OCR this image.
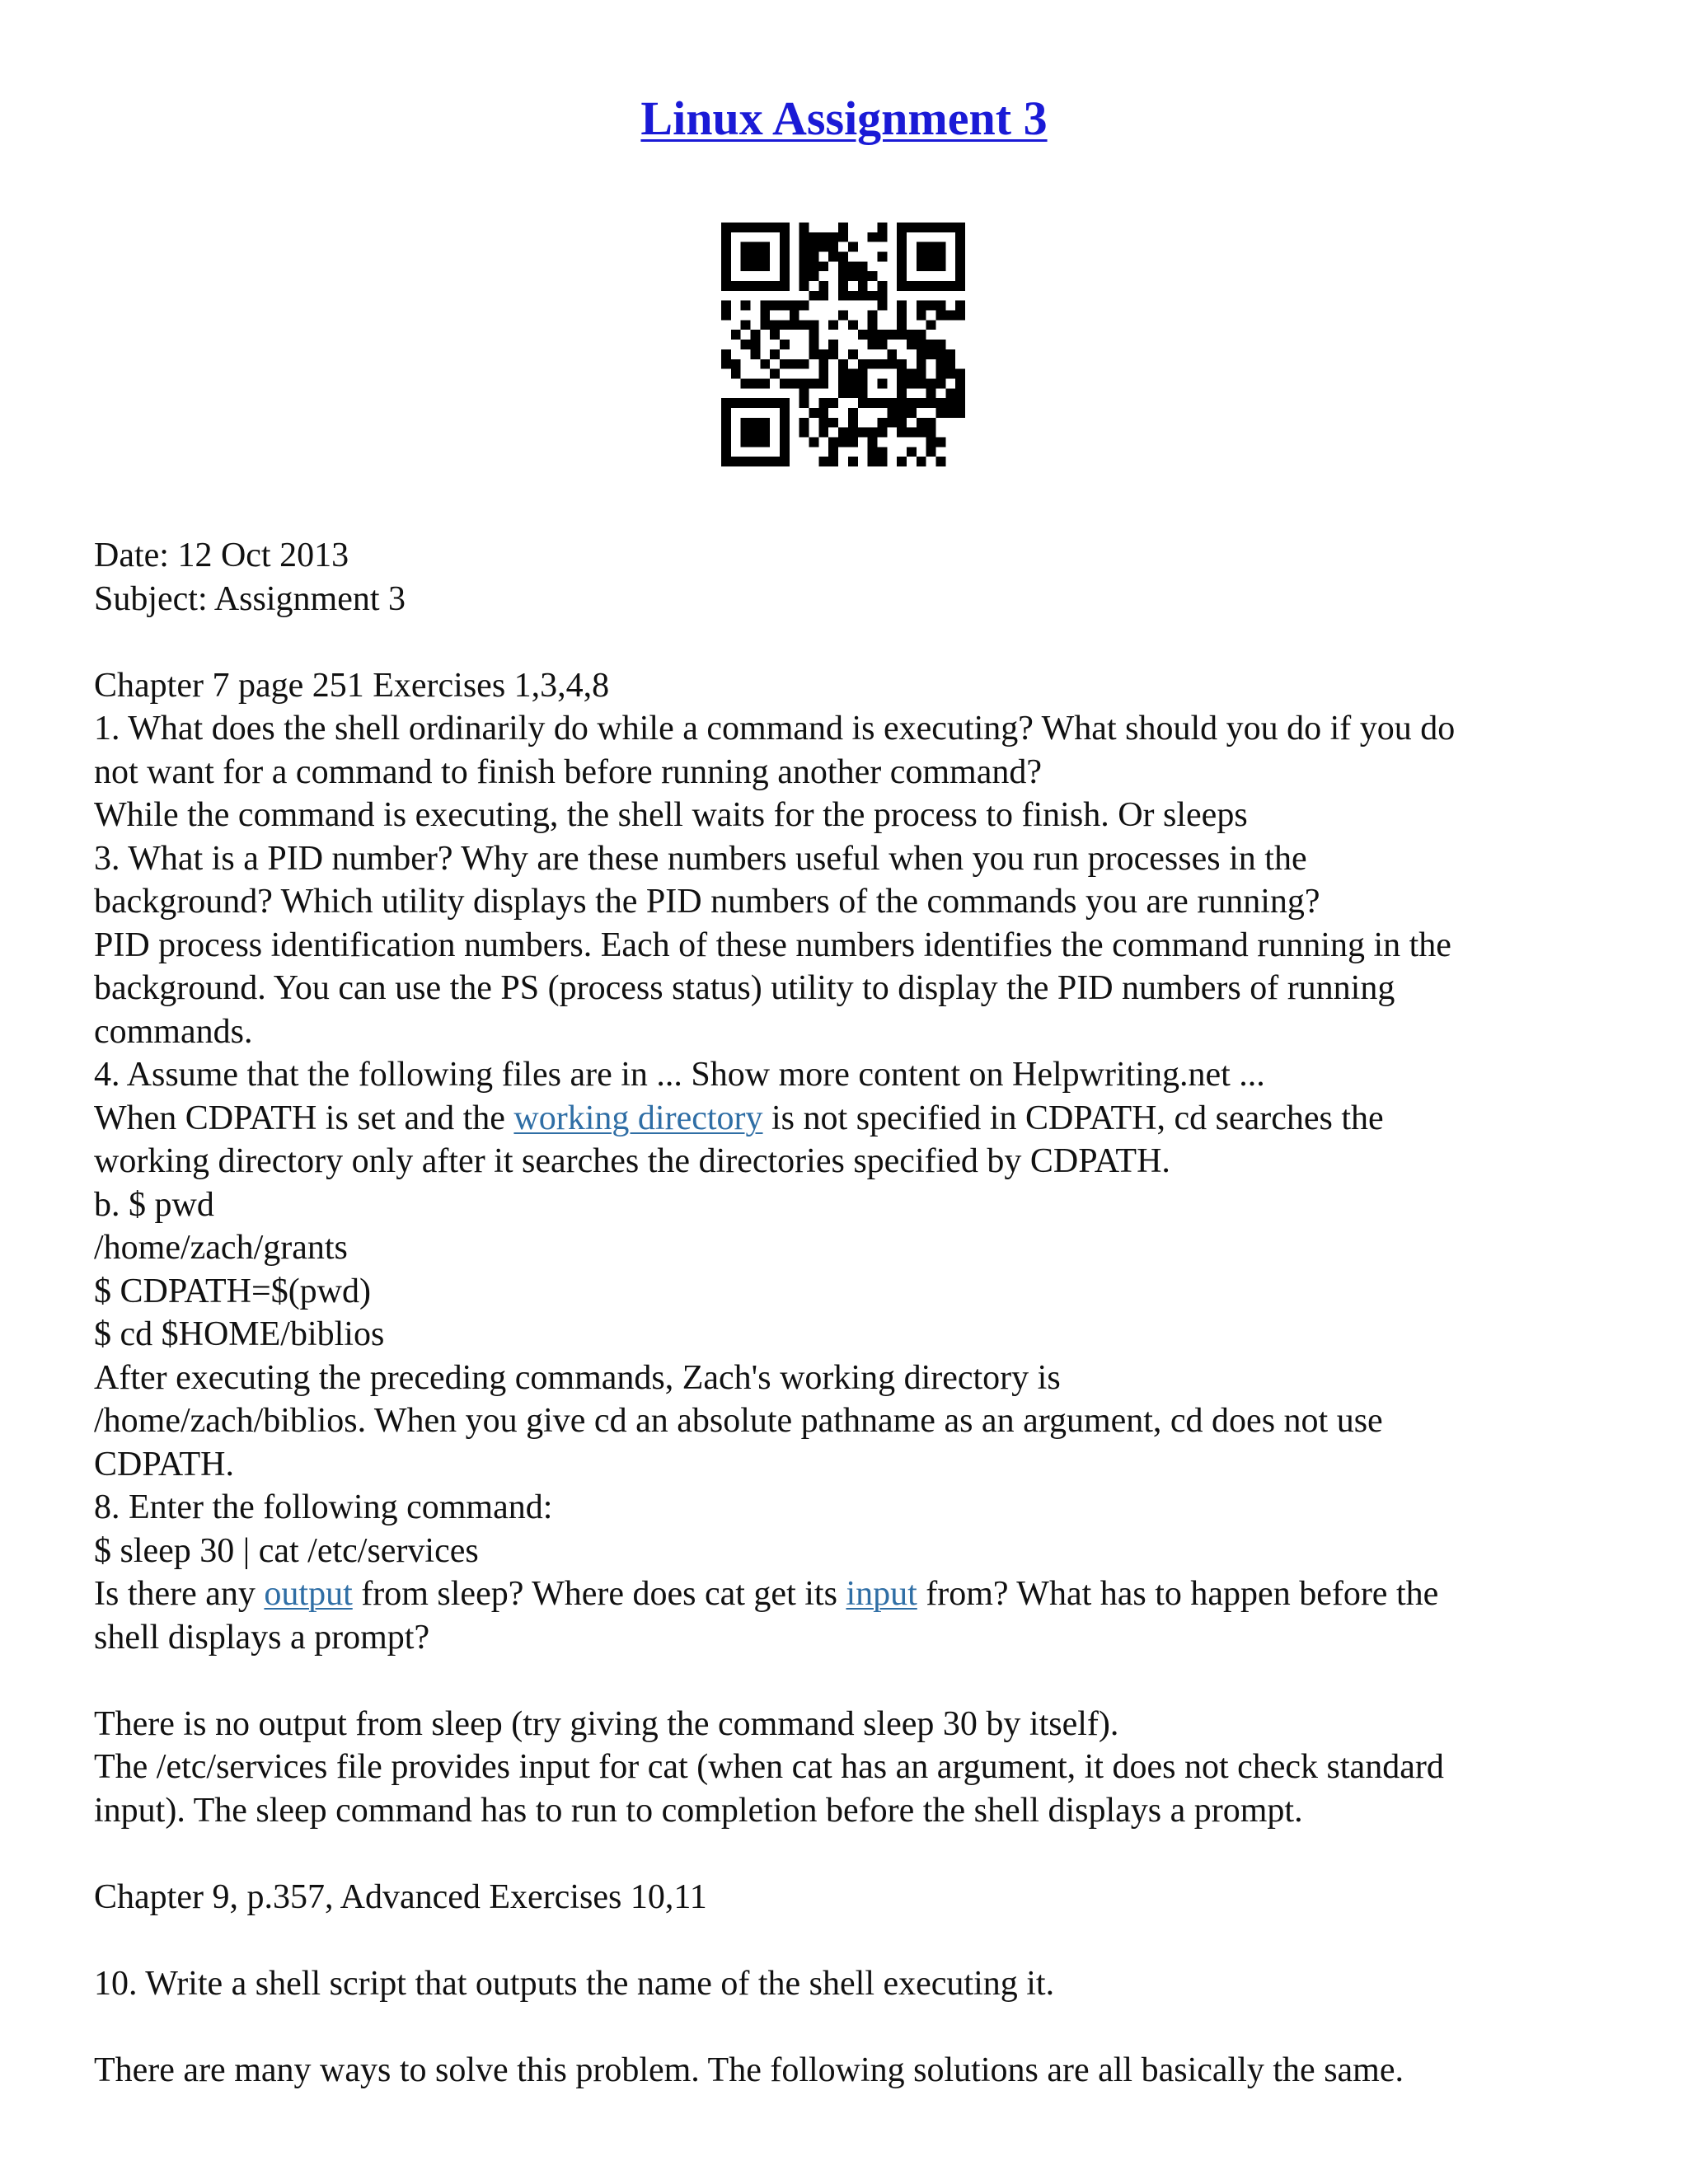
Linux Assignment 3
Date: 12 Oct 2013
Subject: Assignment 3
Chapter 7 page 251 Exercises 1,3,4,8
1. What does the shell ordinarily do while a command is executing? What should you do if you do
not want for a command to finish before running another command?
While the command is executing, the shell waits for the process to finish. Or sleeps
3. What is a PID number? Why are these numbers useful when you run processes in the
background? Which utility displays the PID numbers of the commands you are running?
PID process identification numbers. Each of these numbers identifies the command running in the
background. You can use the PS (process status) utility to display the PID numbers of running
commands.
4. Assume that the following files are in ... Show more content on Helpwriting.net ...
When CDPATH is set and the working directory is not specified in CDPATH, cd searches the
working directory only after it searches the directories specified by CDPATH.
b. $ pwd
/home/zach/grants
$ CDPATH=$(pwd)
$ cd $HOME/biblios
After executing the preceding commands, Zach's working directory is
/home/zach/biblios. When you give cd an absolute pathname as an argument, cd does not use
CDPATH.
8. Enter the following command:
$ sleep 30 | cat /etc/services
Is there any output from sleep? Where does cat get its input from? What has to happen before the
shell displays a prompt?
There is no output from sleep (try giving the command sleep 30 by itself).
The /etc/services file provides input for cat (when cat has an argument, it does not check standard
input). The sleep command has to run to completion before the shell displays a prompt.
Chapter 9, p.357, Advanced Exercises 10,11
10. Write a shell script that outputs the name of the shell executing it.
There are many ways to solve this problem. The following solutions are all basically the same.
